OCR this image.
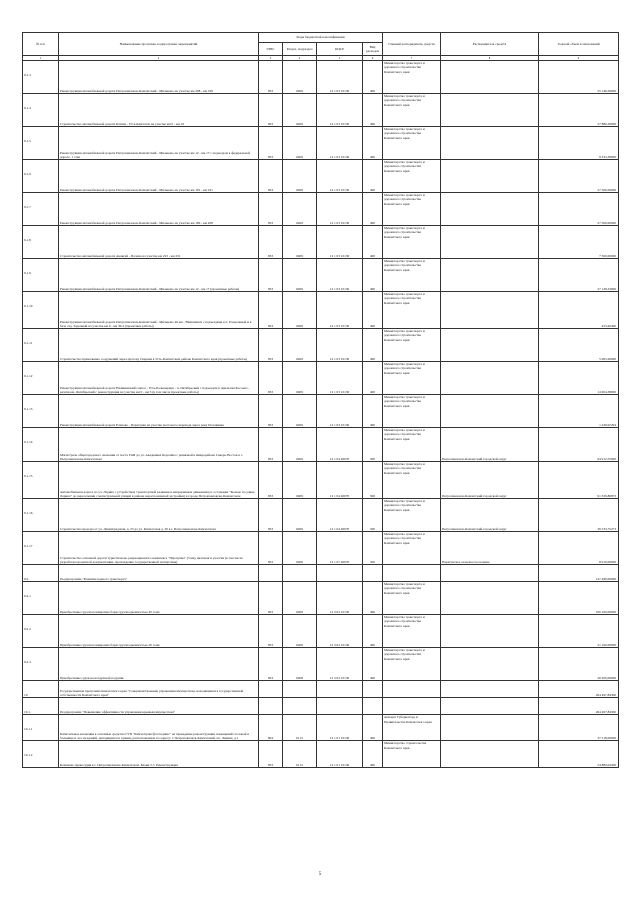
№ п/п	Наименование программ, подпрограмм, мероприятий	Коды бюджетной классификации				Главный распорядитель средств	Распорядитель средств	Годовой объем ассигнований
		ГРБС	Раздел, подраздел	КЦСР	Вид расходов			
1	2	3	4	5	6	7	8	9
9.1.3	Реконструкция автомобильной дороги Петропавловск-Камчатский - Мильково на участке км 208 - км 199	833	0409	12 1 03 10130	400	Министерство транспорта и дорожного строительства Камчатского края		25 146,56000
9.1.4	Строительство автомобильной дороги Ключи - Усть-Камчатск на участке км 0 - км 16	833	0409	12 1 03 10130	400	Министерство транспорта и дорожного строительства Камчатского края		27 880,30000
9.1.5	Реконструкция автомобильной дороги Петропавловск-Камчатский - Мильково на участке км 12 - км 17 с подъездом к федеральной дороге. 1 этап	833	0409	12 1 03 10130	400	Министерство транспорта и дорожного строительства Камчатского края		9 333,38000
9.1.6	Реконструкция автомобильной дороги Петропавловск-Камчатский - Мильково на участке км 181 - км 191	833	0409	12 1 03 10130	400	Министерство транспорта и дорожного строительства Камчатского края		27 500,00000
9.1.7	Реконструкция автомобильной дороги Петропавловск-Камчатский - Мильково на участке км 199 - км 208	833	0409	12 1 03 10130	400	Министерство транспорта и дорожного строительства Камчатского края		27 500,00000
9.1.8	Строительство автомобильной дороги Анавгай - Палана на участке км 223 - км 231	833	0409	12 1 03 10130	400	Министерство транспорта и дорожного строительства Камчатского края		7 500,00000
9.1.9	Реконструкция автомобильной дороги Петропавловск-Камчатский - Мильково на участке км 12 - км 17 (проектные работы)	833	0409	12 1 03 10130	400	Министерство транспорта и дорожного строительства Камчатского края		27 128,33000
9.1.10	Реконструкция автомобильной дороги Петропавловск-Камчатский - Мильково 40 км - Вилючинск с подъездами к п. Раздольный и к базе отд. Заречный на участке км 0 - км 36.4 (проектные работы)	833	0409	12 1 03 10130	400	Министерство транспорта и дорожного строительства Камчатского края		453,46400
9.1.11	Строительство причальных сооружений через протоку Озерная в Усть-Камчатском районе Камчатского края (проектные работы)	833	0409	12 1 03 10130	400	Министерство транспорта и дорожного строительства Камчатского края		5 963,26000
9.1.12	Реконструкция автомобильной дороги Начикинский совхоз - Усть-Большерецк - п. Октябрьский с подъездом к причалам Косоево - казахи км. Октябрьский с реконструкция на участке км 0 - км 5 (в том числе проектные работы)	833	0409	12 1 03 10130	400	Министерство транспорта и дорожного строительства Камчатского края		14 904,38000
9.1.13	Реконструкция автомобильной дороги Елизово - Паратунка на участке мостового перехода через реку Половинка	833	0409	12 1 03 10130	400	Министерство транспорта и дорожного строительства Камчатского края		1 439,97294
9.1.14	Магистраль общегородского значения от поста ГАИ до ул. Академика Королёва с развязкой в микрорайоне Северо-Восток в г. Петропавловске-Камчатском	833	0409	12 1 04 40070	500	Министерство транспорта и дорожного строительства Камчатского края	Петропавловск-Камчатский городской округ	94 912,55000
9.1.15	Автомобильная дорога по ул. Ларина с устройством транспортной развязки в непрерывном движении (от остановки "Кольцо по улице Ларина" до пересечения с магистральной улицей в районе нераспознанной застройки) в городе Петропавловске-Камчатском	833	0409	12 1 04 40070	500	Министерство транспорта и дорожного строительства Камчатского края	Петропавловск-Камчатский городской округ	91 339,86873
9.1.16	Строительство проезда от ул. Ленинградская, д. 23 до ул. Камчатская д. 30 в г. Петропавловске-Камчатском	833	0409	12 1 04 40070	500	Министерство транспорта и дорожного строительства Камчатского края	Петропавловск-Камчатский городской округ	36 533,75273
9.1.17	Строительство основной дороги туристическо-рекреационного комплекса "Паратунка" (3 км), включая и участки (в том числе разработка проектной документации, прохождение государственной экспертизы)	833	0409	12 1 07 40070	500	Министерство транспорта и дорожного строительства Камчатского края	Паратунское сельское поселение	8 910,00000
9.2.	Подпрограмма "Развитие водного транспорта"							147 490,00000
9.2.1	Приобретение грузопассажирских барж грузоподъемностью 40 тонн	833	0408	12 3 02 10130	400	Министерство транспорта и дорожного строительства Камчатского края		100 100,00000
9.2.2	Приобретение грузопассажирских барж грузоподъемностью 20 тонн	833	0408	12 3 02 10130	400	Министерство транспорта и дорожного строительства Камчатского края		21 190,00000
9.2.3	Приобретение судов на воздушной подушке	833	0408	12 3 02 10130	400	Министерство транспорта и дорожного строительства Камчатского края		26 200,00000
10.	Государственная программа Камчатского края "Совершенствование управления имуществом, находящимся в государственной собственности Камчатского края"							264 497,84300
10.1.	Подпрограмма "Повышение эффективности управления краевым имуществом"							264 497,84300
10.1.1	Капитальные вложения в основные средства ГУП "Камчаттрансфлотсервис" на проведение реконструкции помещений столовой в больнице и зал заседаний, находящихся в здании, расположенном по адресу: г. Петропавловск-Камчатский, пл. Ленина, д.1	804	0113	12 1 01 10130	400	Аппарат Губернатора и Правительства Камчатского края		37 518,00000
10.1.2	Комплекс правосудия в г. Петропавловске-Камчатском. Блоки 5,7. Реконструкция	833	0113	12 1 01 10130	400	Министерство строительства Камчатского края		54 889,04300
5
